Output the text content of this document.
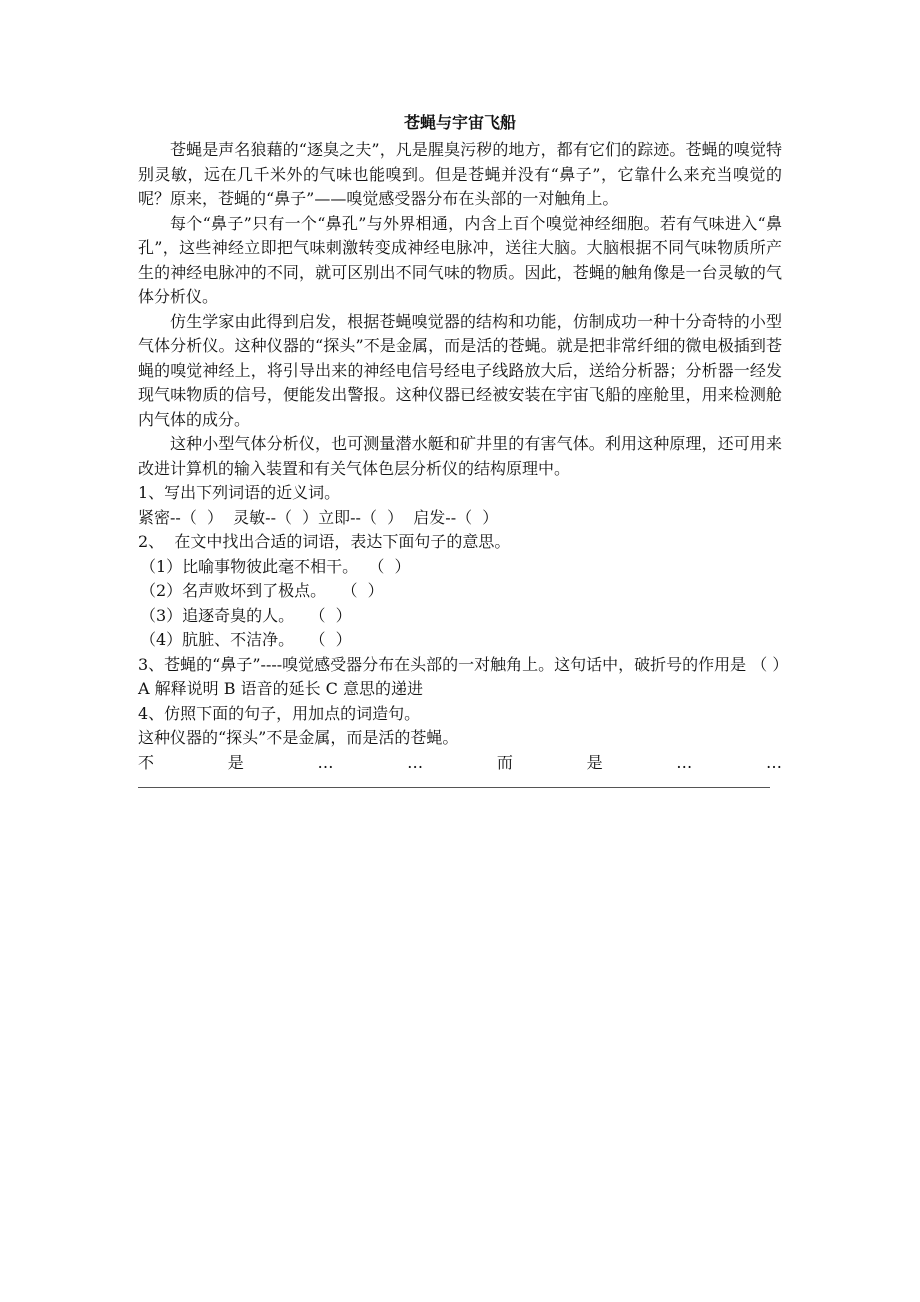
苍蝇与宇宙飞船

苍蝇是声名狼藉的“逐臭之夫”，凡是腥臭污秽的地方，都有它们的踪迹。苍蝇的嗅觉特别灵敏，远在几千米外的气味也能嗅到。但是苍蝇并没有“鼻子”，它靠什么来充当嗅觉的呢？原来，苍蝇的“鼻子”——嗅觉感受器分布在头部的一对触角上。

每个“鼻子”只有一个“鼻孔”与外界相通，内含上百个嗅觉神经细胞。若有气味进入“鼻孔”，这些神经立即把气味刺激转变成神经电脉冲，送往大脑。大脑根据不同气味物质所产生的神经电脉冲的不同，就可区别出不同气味的物质。因此，苍蝇的触角像是一台灵敏的气体分析仪。

仿生学家由此得到启发，根据苍蝇嗅觉器的结构和功能，仿制成功一种十分奇特的小型气体分析仪。这种仪器的“探头”不是金属，而是活的苍蝇。就是把非常纤细的微电极插到苍蝇的嗅觉神经上，将引导出来的神经电信号经电子线路放大后，送给分析器；分析器一经发现气味物质的信号，便能发出警报。这种仪器已经被安装在宇宙飞船的座舱里，用来检测舱内气体的成分。

这种小型气体分析仪，也可测量潜水艇和矿井里的有害气体。利用这种原理，还可用来改进计算机的输入装置和有关气体色层分析仪的结构原理中。

1、写出下列词语的近义词。

紧密--（  ）  灵敏--（  ）立即--（  ）  启发--（  ）

2、  在文中找出合适的词语，表达下面句子的意思。

（1）比喻事物彼此毫不相干。  （  ）

（2）名声败坏到了极点。   （  ）

（3）追逐奇臭的人。   （  ）

（4）肮脏、不洁净。   （  ）

3、苍蝇的“鼻子”----嗅觉感受器分布在头部的一对触角上。这句话中，破折号的作用是 （ ）

A 解释说明 B 语音的延长 C 意思的递进

4、仿照下面的句子，用加点的词造句。

这种仪器的“探头”不是金属，而是活的苍蝇。

不	是	…	…	而	是	…	…
